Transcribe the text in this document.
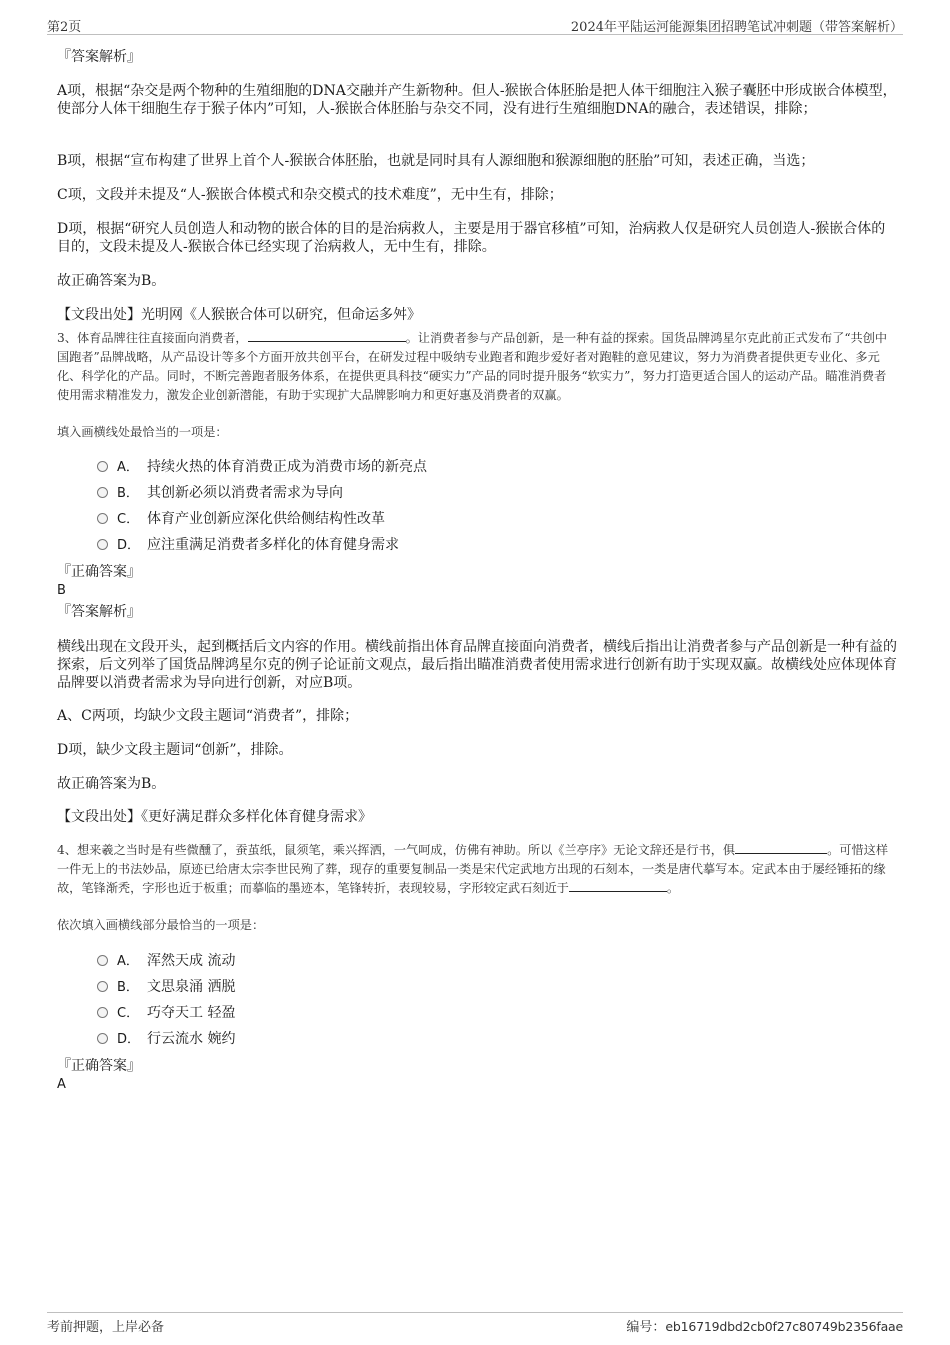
第2页	2024年平陆运河能源集团招聘笔试冲刺题（带答案解析）
『答案解析』
A项，根据“杂交是两个物种的生殖细胞的DNA交融并产生新物种。但人-猴嵌合体胚胎是把人体干细胞注入猴子囊胚中形成嵌合体模型，使部分人体干细胞生存于猴子体内”可知，人-猴嵌合体胚胎与杂交不同，没有进行生殖细胞DNA的融合，表述错误，排除；
B项，根据“宣布构建了世界上首个人-猴嵌合体胚胎，也就是同时具有人源细胞和猴源细胞的胚胎”可知，表述正确，当选；
C项，文段并未提及“人-猴嵌合体模式和杂交模式的技术难度”，无中生有，排除；
D项，根据“研究人员创造人和动物的嵌合体的目的是治病救人，主要是用于器官移植”可知，治病救人仅是研究人员创造人-猴嵌合体的目的，文段未提及人-猴嵌合体已经实现了治病救人，无中生有，排除。
故正确答案为B。
【文段出处】光明网《人猴嵌合体可以研究，但命运多舛》
3、体育品牌往往直接面向消费者，	。让消费者参与产品创新，是一种有益的探索。国货品牌鸿星尔克此前正式发布了“共创中国跑者”品牌战略，从产品设计等多个方面开放共创平台，在研发过程中吸纳专业跑者和跑步爱好者对跑鞋的意见建议，努力为消费者提供更专业化、多元化、科学化的产品。同时，不断完善跑者服务体系，在提供更具科技“硬实力”产品的同时提升服务“软实力”，努力打造更适合国人的运动产品。瞄准消费者使用需求精准发力，激发企业创新潜能，有助于实现扩大品牌影响力和更好惠及消费者的双赢。
填入画横线处最恰当的一项是：
A． 持续火热的体育消费正成为消费市场的新亮点
B． 其创新必须以消费者需求为导向
C． 体育产业创新应深化供给侧结构性改革
D． 应注重满足消费者多样化的体育健身需求
『正确答案』
B
『答案解析』
横线出现在文段开头，起到概括后文内容的作用。横线前指出体育品牌直接面向消费者，横线后指出让消费者参与产品创新是一种有益的探索，后文列举了国货品牌鸿星尔克的例子论证前文观点，最后指出瞄准消费者使用需求进行创新有助于实现双赢。故横线处应体现体育品牌要以消费者需求为导向进行创新，对应B项。
A、C两项，均缺少文段主题词“消费者”，排除；
D项，缺少文段主题词“创新”，排除。
故正确答案为B。
【文段出处】《更好满足群众多样化体育健身需求》
4、想来羲之当时是有些微醺了，蚕茧纸，鼠须笔，乘兴挥洒，一气呵成，仿佛有神助。所以《兰亭序》无论文辞还是行书，俱	。可惜这样一件无上的书法妙品，原迹已给唐太宗李世民殉了葬，现存的重要复制品一类是宋代定武地方出现的石刻本，一类是唐代摹写本。定武本由于屡经锤拓的缘故，笔锋渐秃，字形也近于板重；而摹临的墨迹本，笔锋转折，表现较易，字形较定武石刻近于	。
依次填入画横线部分最恰当的一项是：
A． 浑然天成 流动
B． 文思泉涌 洒脱
C． 巧夺天工 轻盈
D． 行云流水 婉约
『正确答案』
A
考前押题，上岸必备	编号：eb16719dbd2cb0f27c80749b2356faae
